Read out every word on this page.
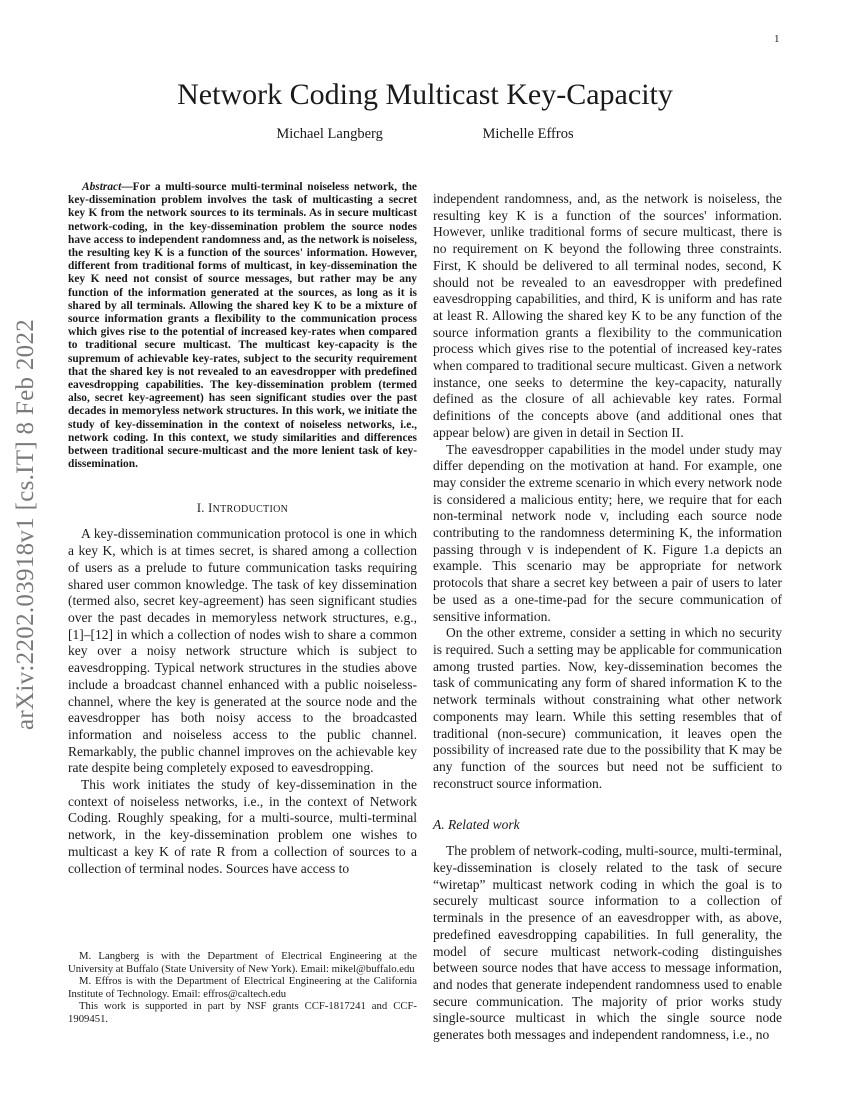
1
arXiv:2202.03918v1 [cs.IT] 8 Feb 2022
Network Coding Multicast Key-Capacity
Michael Langberg	Michelle Effros

Abstract—For a multi-source multi-terminal noiseless network, the key-dissemination problem involves the task of multicasting a secret key K from the network sources to its terminals. As in secure multicast network-coding, in the key-dissemination problem the source nodes have access to independent randomness and, as the network is noiseless, the resulting key K is a function of the sources' information. However, different from traditional forms of multicast, in key-dissemination the key K need not consist of source messages, but rather may be any function of the information generated at the sources, as long as it is shared by all terminals. Allowing the shared key K to be a mixture of source information grants a flexibility to the communication process which gives rise to the potential of increased key-rates when compared to traditional secure multicast. The multicast key-capacity is the supremum of achievable key-rates, subject to the security requirement that the shared key is not revealed to an eavesdropper with predefined eavesdropping capabilities. The key-dissemination problem (termed also, secret key-agreement) has seen significant studies over the past decades in memoryless network structures. In this work, we initiate the study of key-dissemination in the context of noiseless networks, i.e., network coding. In this context, we study similarities and differences between traditional secure-multicast and the more lenient task of key-dissemination.

I. INTRODUCTION

A key-dissemination communication protocol is one in which a key K, which is at times secret, is shared among a collection of users as a prelude to future communication tasks requiring shared user common knowledge. The task of key dissemination (termed also, secret key-agreement) has seen significant studies over the past decades in memoryless network structures, e.g., [1]–[12] in which a collection of nodes wish to share a common key over a noisy network structure which is subject to eavesdropping. Typical network structures in the studies above include a broadcast channel enhanced with a public noiseless-channel, where the key is generated at the source node and the eavesdropper has both noisy access to the broadcasted information and noiseless access to the public channel. Remarkably, the public channel improves on the achievable key rate despite being completely exposed to eavesdropping.

This work initiates the study of key-dissemination in the context of noiseless networks, i.e., in the context of Network Coding. Roughly speaking, for a multi-source, multi-terminal network, in the key-dissemination problem one wishes to multicast a key K of rate R from a collection of sources to a collection of terminal nodes. Sources have access to

M. Langberg is with the Department of Electrical Engineering at the University at Buffalo (State University of New York). Email: mikel@buffalo.edu

M. Effros is with the Department of Electrical Engineering at the California Institute of Technology. Email: effros@caltech.edu

This work is supported in part by NSF grants CCF-1817241 and CCF-1909451.

independent randomness, and, as the network is noiseless, the resulting key K is a function of the sources' information. However, unlike traditional forms of secure multicast, there is no requirement on K beyond the following three constraints. First, K should be delivered to all terminal nodes, second, K should not be revealed to an eavesdropper with predefined eavesdropping capabilities, and third, K is uniform and has rate at least R. Allowing the shared key K to be any function of the source information grants a flexibility to the communication process which gives rise to the potential of increased key-rates when compared to traditional secure multicast. Given a network instance, one seeks to determine the key-capacity, naturally defined as the closure of all achievable key rates. Formal definitions of the concepts above (and additional ones that appear below) are given in detail in Section II.

The eavesdropper capabilities in the model under study may differ depending on the motivation at hand. For example, one may consider the extreme scenario in which every network node is considered a malicious entity; here, we require that for each non-terminal network node v, including each source node contributing to the randomness determining K, the information passing through v is independent of K. Figure 1.a depicts an example. This scenario may be appropriate for network protocols that share a secret key between a pair of users to later be used as a one-time-pad for the secure communication of sensitive information.

On the other extreme, consider a setting in which no security is required. Such a setting may be applicable for communication among trusted parties. Now, key-dissemination becomes the task of communicating any form of shared information K to the network terminals without constraining what other network components may learn. While this setting resembles that of traditional (non-secure) communication, it leaves open the possibility of increased rate due to the possibility that K may be any function of the sources but need not be sufficient to reconstruct source information.

A. Related work

The problem of network-coding, multi-source, multi-terminal, key-dissemination is closely related to the task of secure “wiretap” multicast network coding in which the goal is to securely multicast source information to a collection of terminals in the presence of an eavesdropper with, as above, predefined eavesdropping capabilities. In full generality, the model of secure multicast network-coding distinguishes between source nodes that have access to message information, and nodes that generate independent randomness used to enable secure communication. The majority of prior works study single-source multicast in which the single source node generates both messages and independent randomness, i.e., no
